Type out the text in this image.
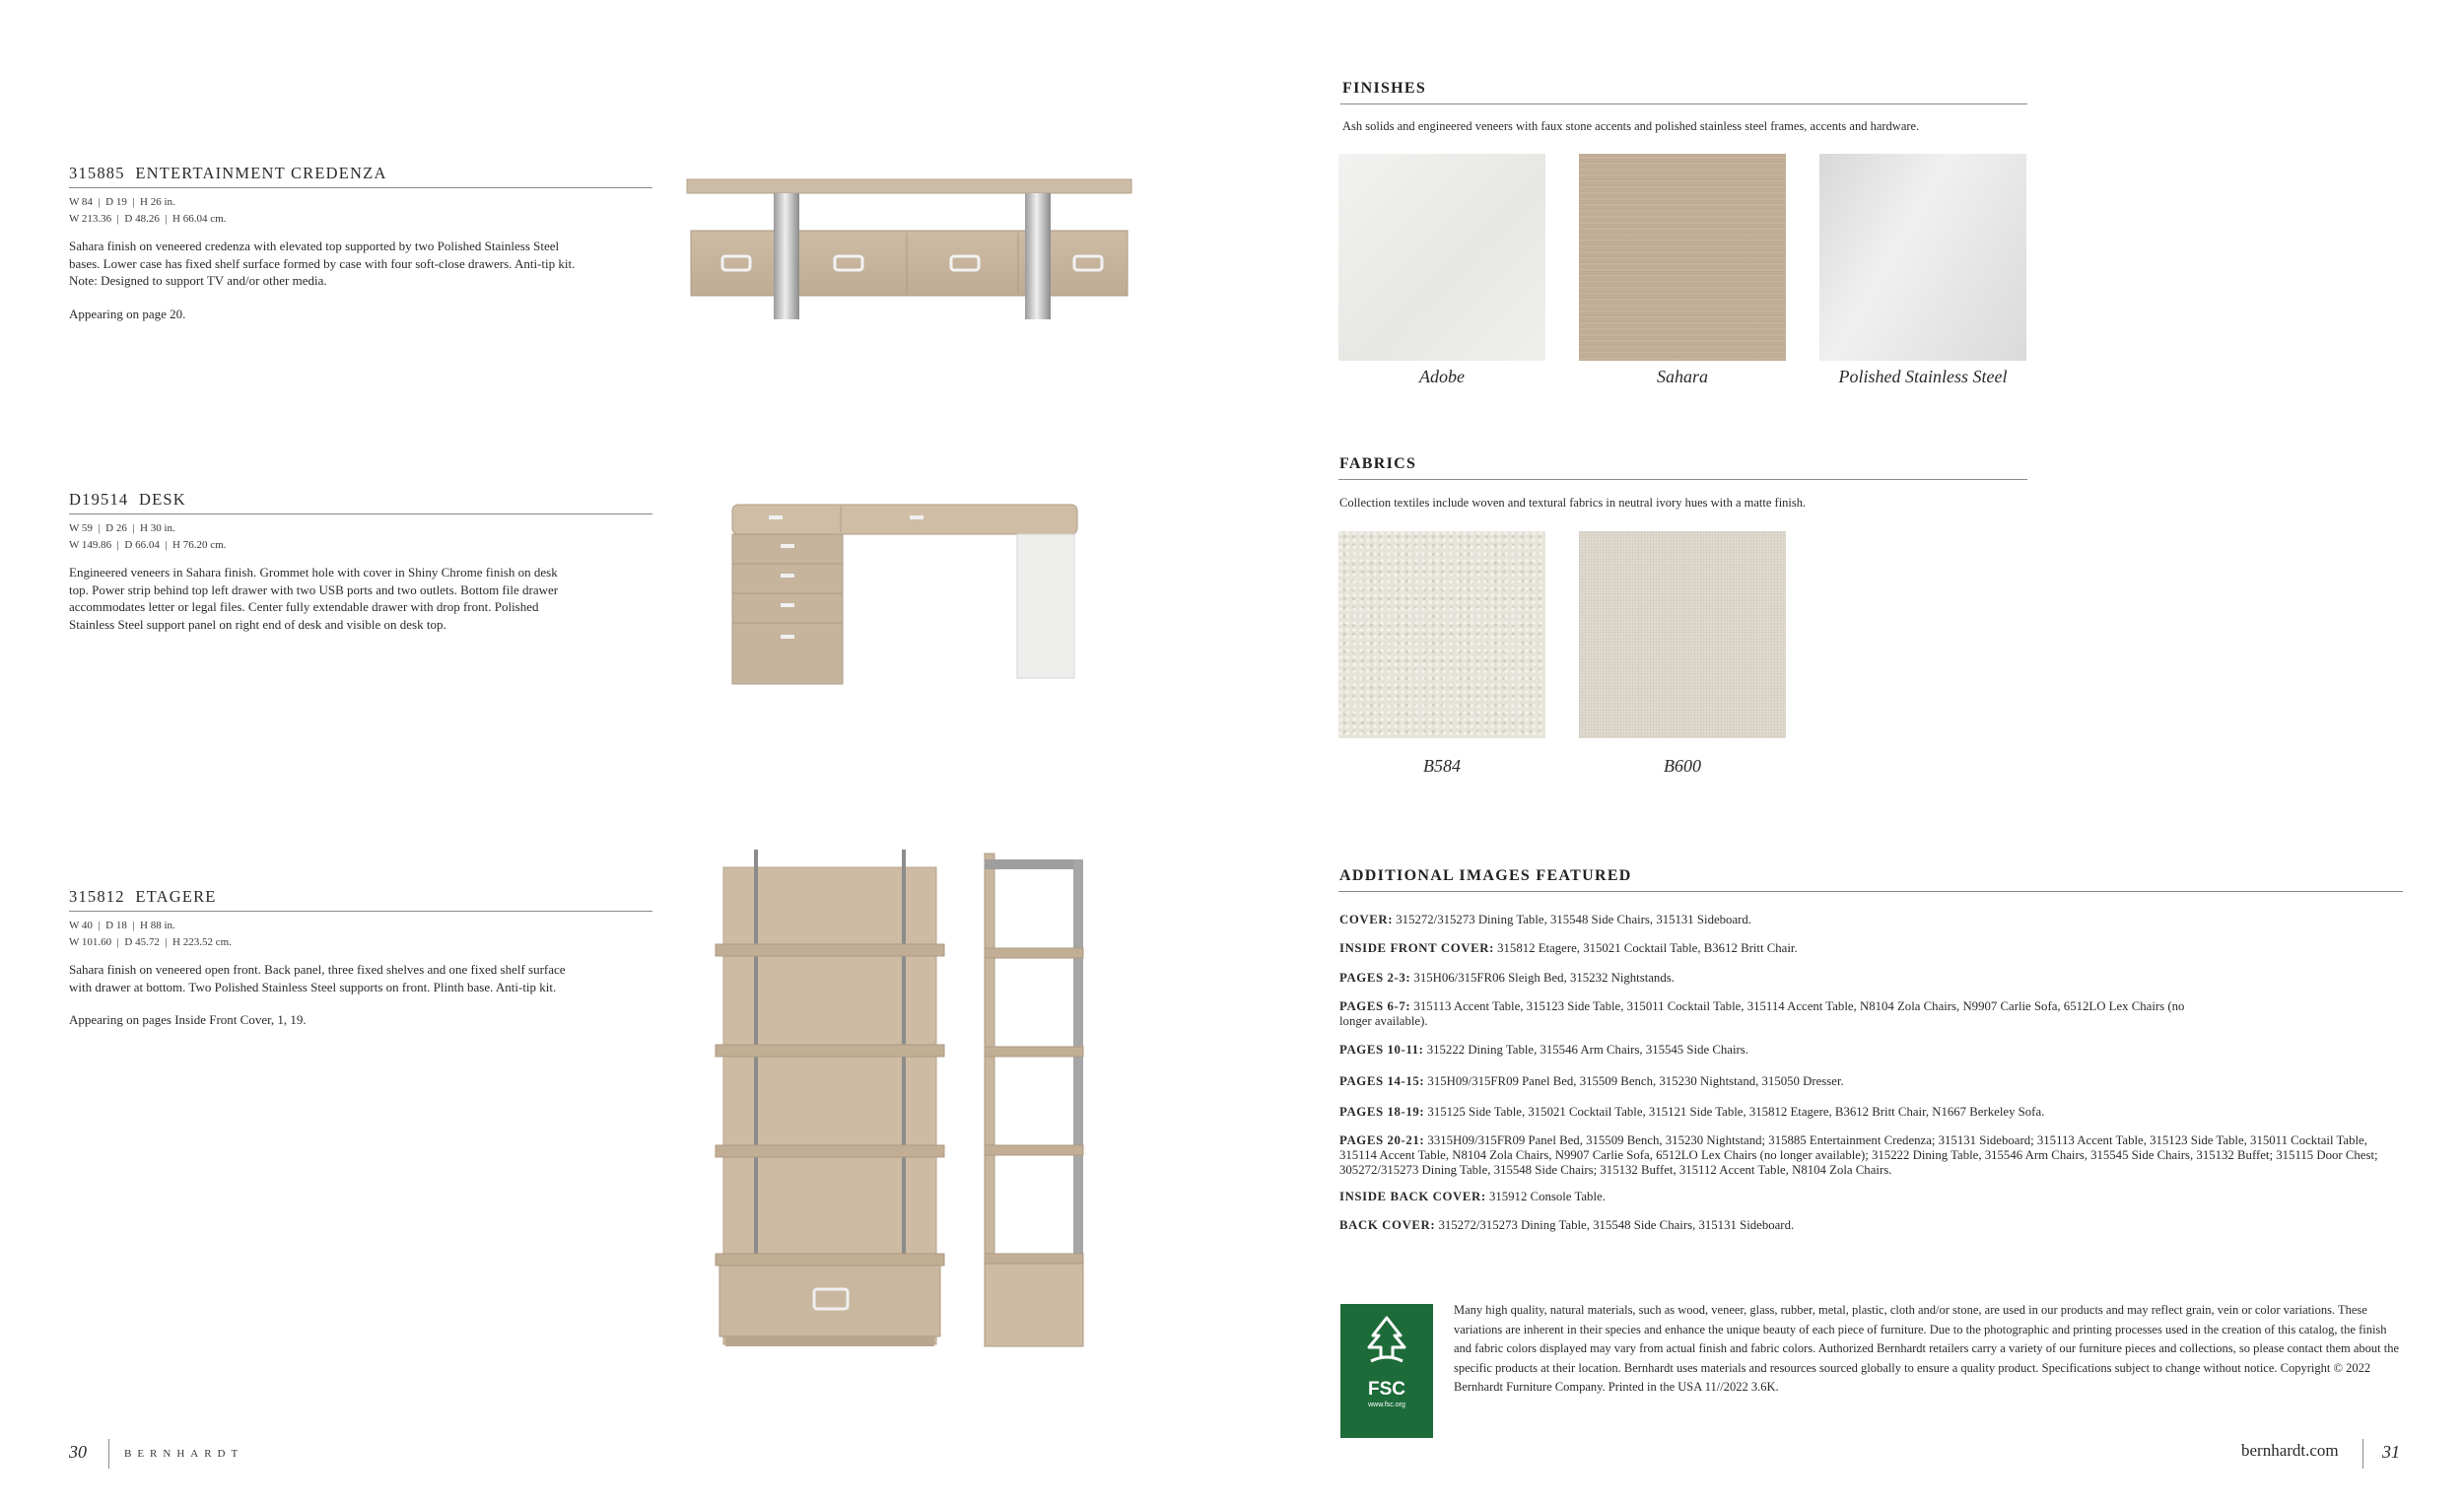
315885  ENTERTAINMENT CREDENZA
W 84  |  D 19  |  H 26 in.
W 213.36  |  D 48.26  |  H 66.04 cm.
Sahara finish on veneered credenza with elevated top supported by two Polished Stainless Steel
bases. Lower case has fixed shelf surface formed by case with four soft-close drawers. Anti-tip kit.
Note: Designed to support TV and/or other media.
Appearing on page 20.
D19514  DESK
W 59  |  D 26  |  H 30 in.
W 149.86  |  D 66.04  |  H 76.20 cm.
Engineered veneers in Sahara finish. Grommet hole with cover in Shiny Chrome finish on desk
top. Power strip behind top left drawer with two USB ports and two outlets. Bottom file drawer
accommodates letter or legal files. Center fully extendable drawer with drop front. Polished
Stainless Steel support panel on right end of desk and visible on desk top.
315812  ETAGERE
W 40  |  D 18  |  H 88 in.
W 101.60  |  D 45.72  |  H 223.52 cm.
Sahara finish on veneered open front. Back panel, three fixed shelves and one fixed shelf surface
with drawer at bottom. Two Polished Stainless Steel supports on front. Plinth base. Anti-tip kit.
Appearing on pages Inside Front Cover, 1, 19.
30	BERNHARDT
FINISHES
Ash solids and engineered veneers with faux stone accents and polished stainless steel frames, accents and hardware.
Adobe	Sahara	Polished Stainless Steel
FABRICS
Collection textiles include woven and textural fabrics in neutral ivory hues with a matte finish.
B584	B600
ADDITIONAL IMAGES FEATURED
COVER: 315272/315273 Dining Table, 315548 Side Chairs, 315131 Sideboard.
INSIDE FRONT COVER: 315812 Etagere, 315021 Cocktail Table, B3612 Britt Chair.
PAGES 2-3: 315H06/315FR06 Sleigh Bed, 315232 Nightstands.
PAGES 6-7: 315113 Accent Table, 315123 Side Table, 315011 Cocktail Table, 315114 Accent Table, N8104 Zola Chairs, N9907 Carlie Sofa, 6512LO Lex Chairs (no longer available).
PAGES 10-11: 315222 Dining Table, 315546 Arm Chairs, 315545 Side Chairs.
PAGES 14-15: 315H09/315FR09 Panel Bed, 315509 Bench, 315230 Nightstand, 315050 Dresser.
PAGES 18-19: 315125 Side Table, 315021 Cocktail Table, 315121 Side Table, 315812 Etagere, B3612 Britt Chair, N1667 Berkeley Sofa.
PAGES 20-21: 3315H09/315FR09 Panel Bed, 315509 Bench, 315230 Nightstand; 315885 Entertainment Credenza; 315131 Sideboard; 315113 Accent Table, 315123 Side Table, 315011 Cocktail Table, 315114 Accent Table, N8104 Zola Chairs, N9907 Carlie Sofa, 6512LO Lex Chairs (no longer available); 315222 Dining Table, 315546 Arm Chairs, 315545 Side Chairs, 315132 Buffet; 315115 Door Chest; 305272/315273 Dining Table, 315548 Side Chairs; 315132 Buffet, 315112 Accent Table, N8104 Zola Chairs.
INSIDE BACK COVER: 315912 Console Table.
BACK COVER: 315272/315273 Dining Table, 315548 Side Chairs, 315131 Sideboard.
FSC
www.fsc.org
Many high quality, natural materials, such as wood, veneer, glass, rubber, metal, plastic, cloth and/or stone, are used in our products and may reflect grain, vein or color variations. These variations are inherent in their species and enhance the unique beauty of each piece of furniture. Due to the photographic and printing processes used in the creation of this catalog, the finish and fabric colors displayed may vary from actual finish and fabric colors. Authorized Bernhardt retailers carry a variety of our furniture pieces and collections, so please contact them about the specific products at their location. Bernhardt uses materials and resources sourced globally to ensure a quality product. Specifications subject to change without notice. Copyright © 2022 Bernhardt Furniture Company. Printed in the USA 11//2022 3.6K.
bernhardt.com 31
